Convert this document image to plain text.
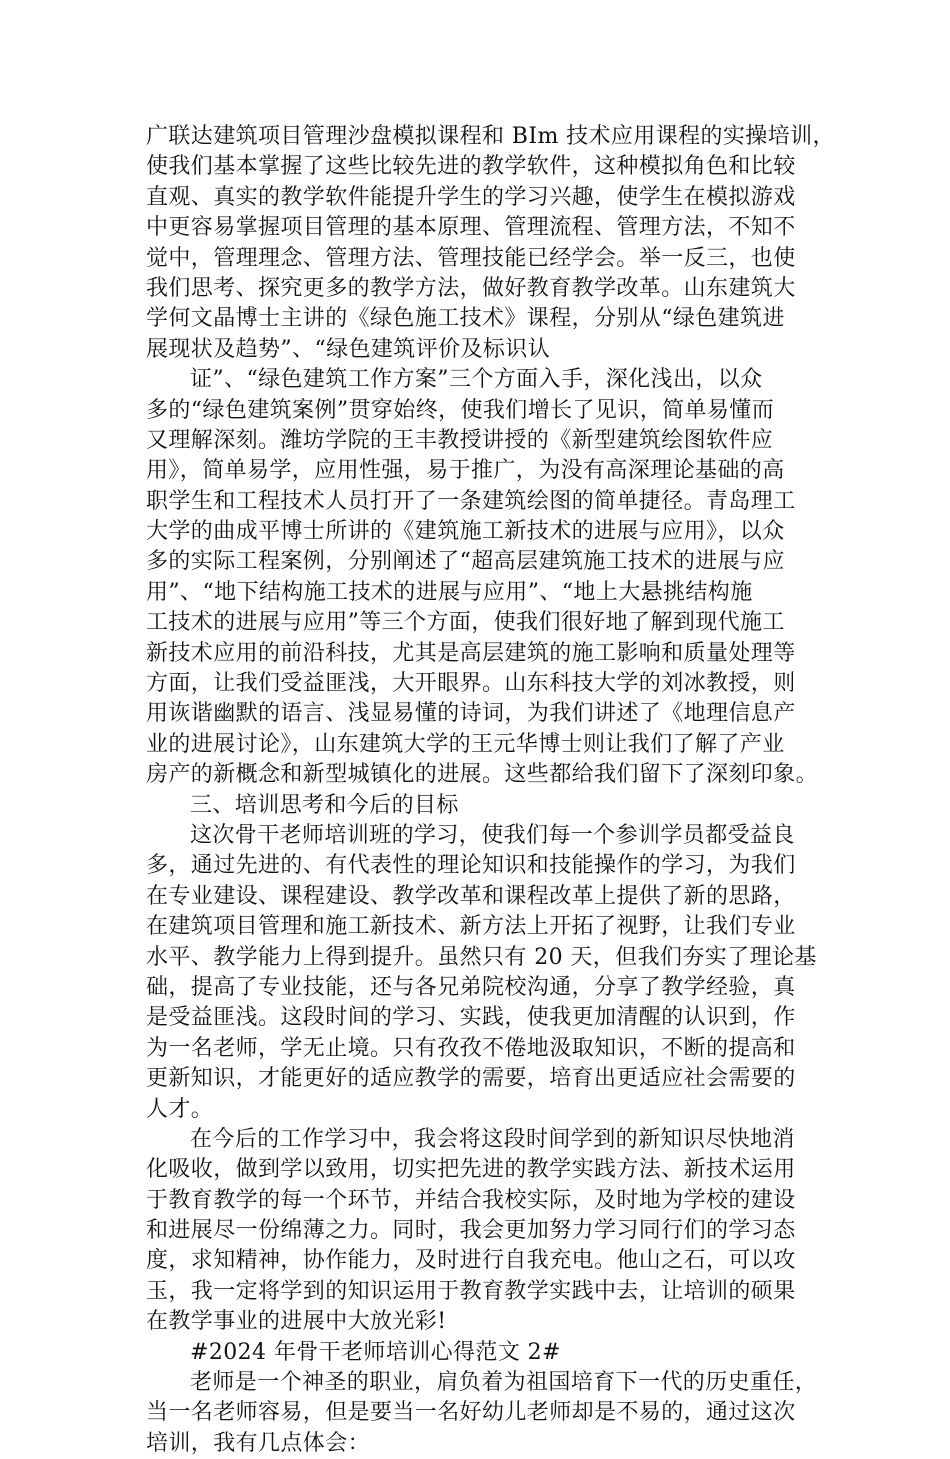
广联达建筑项目管理沙盘模拟课程和 BIm 技术应用课程的实操培训，
使我们基本掌握了这些比较先进的教学软件，这种模拟角色和比较
直观、真实的教学软件能提升学生的学习兴趣，使学生在模拟游戏
中更容易掌握项目管理的基本原理、管理流程、管理方法，不知不
觉中，管理理念、管理方法、管理技能已经学会。举一反三，也使
我们思考、探究更多的教学方法，做好教育教学改革。山东建筑大
学何文晶博士主讲的《绿色施工技术》课程，分别从“绿色建筑进
展现状及趋势”、“绿色建筑评价及标识认
证”、“绿色建筑工作方案”三个方面入手，深化浅出，以众
多的“绿色建筑案例”贯穿始终，使我们增长了见识，简单易懂而
又理解深刻。潍坊学院的王丰教授讲授的《新型建筑绘图软件应
用》，简单易学，应用性强，易于推广，为没有高深理论基础的高
职学生和工程技术人员打开了一条建筑绘图的简单捷径。青岛理工
大学的曲成平博士所讲的《建筑施工新技术的进展与应用》，以众
多的实际工程案例，分别阐述了“超高层建筑施工技术的进展与应
用”、“地下结构施工技术的进展与应用”、“地上大悬挑结构施
工技术的进展与应用”等三个方面，使我们很好地了解到现代施工
新技术应用的前沿科技，尤其是高层建筑的施工影响和质量处理等
方面，让我们受益匪浅，大开眼界。山东科技大学的刘冰教授，则
用诙谐幽默的语言、浅显易懂的诗词，为我们讲述了《地理信息产
业的进展讨论》，山东建筑大学的王元华博士则让我们了解了产业
房产的新概念和新型城镇化的进展。这些都给我们留下了深刻印象。
三、培训思考和今后的目标
这次骨干老师培训班的学习，使我们每一个参训学员都受益良
多，通过先进的、有代表性的理论知识和技能操作的学习，为我们
在专业建设、课程建设、教学改革和课程改革上提供了新的思路，
在建筑项目管理和施工新技术、新方法上开拓了视野，让我们专业
水平、教学能力上得到提升。虽然只有 20 天，但我们夯实了理论基
础，提高了专业技能，还与各兄弟院校沟通，分享了教学经验，真
是受益匪浅。这段时间的学习、实践，使我更加清醒的认识到，作
为一名老师，学无止境。只有孜孜不倦地汲取知识，不断的提高和
更新知识，才能更好的适应教学的需要，培育出更适应社会需要的
人才。
在今后的工作学习中，我会将这段时间学到的新知识尽快地消
化吸收，做到学以致用，切实把先进的教学实践方法、新技术运用
于教育教学的每一个环节，并结合我校实际，及时地为学校的建设
和进展尽一份绵薄之力。同时，我会更加努力学习同行们的学习态
度，求知精神，协作能力，及时进行自我充电。他山之石，可以攻
玉，我一定将学到的知识运用于教育教学实践中去，让培训的硕果
在教学事业的进展中大放光彩!
#2024 年骨干老师培训心得范文 2#
老师是一个神圣的职业，肩负着为祖国培育下一代的历史重任，
当一名老师容易，但是要当一名好幼儿老师却是不易的，通过这次
培训，我有几点体会：
